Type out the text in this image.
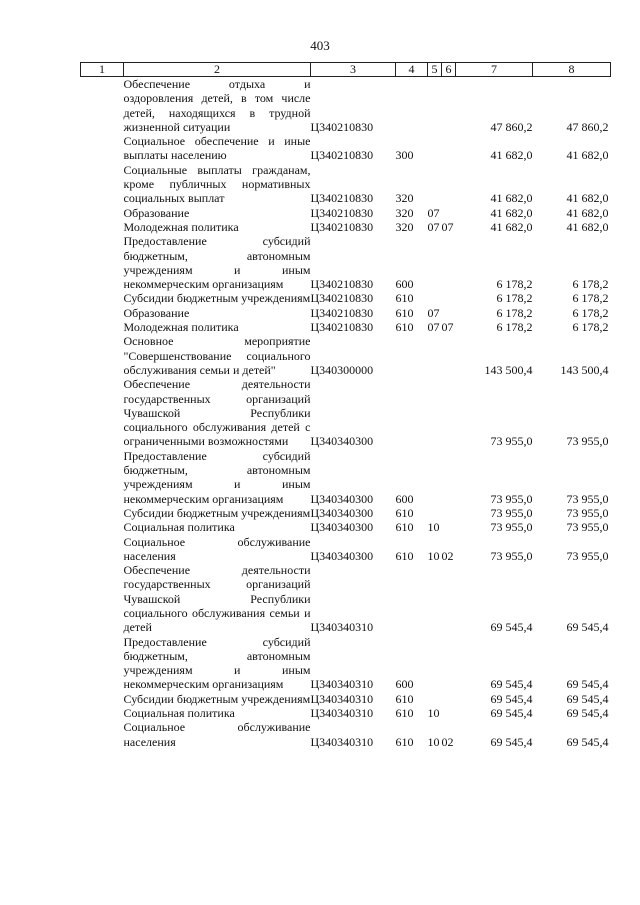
403
1	2	3	4	5	6	7	8
	Обеспечение отдыха и оздоровления детей, в том числе детей, находящихся в трудной жизненной ситуации	Ц340210830				47 860,2	47 860,2
	Социальное обеспечение и иные выплаты населению	Ц340210830	300			41 682,0	41 682,0
	Социальные выплаты гражданам, кроме публичных нормативных социальных выплат	Ц340210830	320			41 682,0	41 682,0
	Образование	Ц340210830	320	07		41 682,0	41 682,0
	Молодежная политика	Ц340210830	320	07	07	41 682,0	41 682,0
	Предоставление субсидий бюджетным, автономным учреждениям и иным некоммерческим организациям	Ц340210830	600			6 178,2	6 178,2
	Субсидии бюджетным учреждениям	Ц340210830	610			6 178,2	6 178,2
	Образование	Ц340210830	610	07		6 178,2	6 178,2
	Молодежная политика	Ц340210830	610	07	07	6 178,2	6 178,2
	Основное мероприятие "Совершенствование социального обслуживания семьи и детей"	Ц340300000				143 500,4	143 500,4
	Обеспечение деятельности государственных организаций Чувашской Республики социального обслуживания детей с ограниченными возможностями	Ц340340300				73 955,0	73 955,0
	Предоставление субсидий бюджетным, автономным учреждениям и иным некоммерческим организациям	Ц340340300	600			73 955,0	73 955,0
	Субсидии бюджетным учреждениям	Ц340340300	610			73 955,0	73 955,0
	Социальная политика	Ц340340300	610	10		73 955,0	73 955,0
	Социальное обслуживание населения	Ц340340300	610	10	02	73 955,0	73 955,0
	Обеспечение деятельности государственных организаций Чувашской Республики социального обслуживания семьи и детей	Ц340340310				69 545,4	69 545,4
	Предоставление субсидий бюджетным, автономным учреждениям и иным некоммерческим организациям	Ц340340310	600			69 545,4	69 545,4
	Субсидии бюджетным учреждениям	Ц340340310	610			69 545,4	69 545,4
	Социальная политика	Ц340340310	610	10		69 545,4	69 545,4
	Социальное обслуживание населения	Ц340340310	610	10	02	69 545,4	69 545,4
